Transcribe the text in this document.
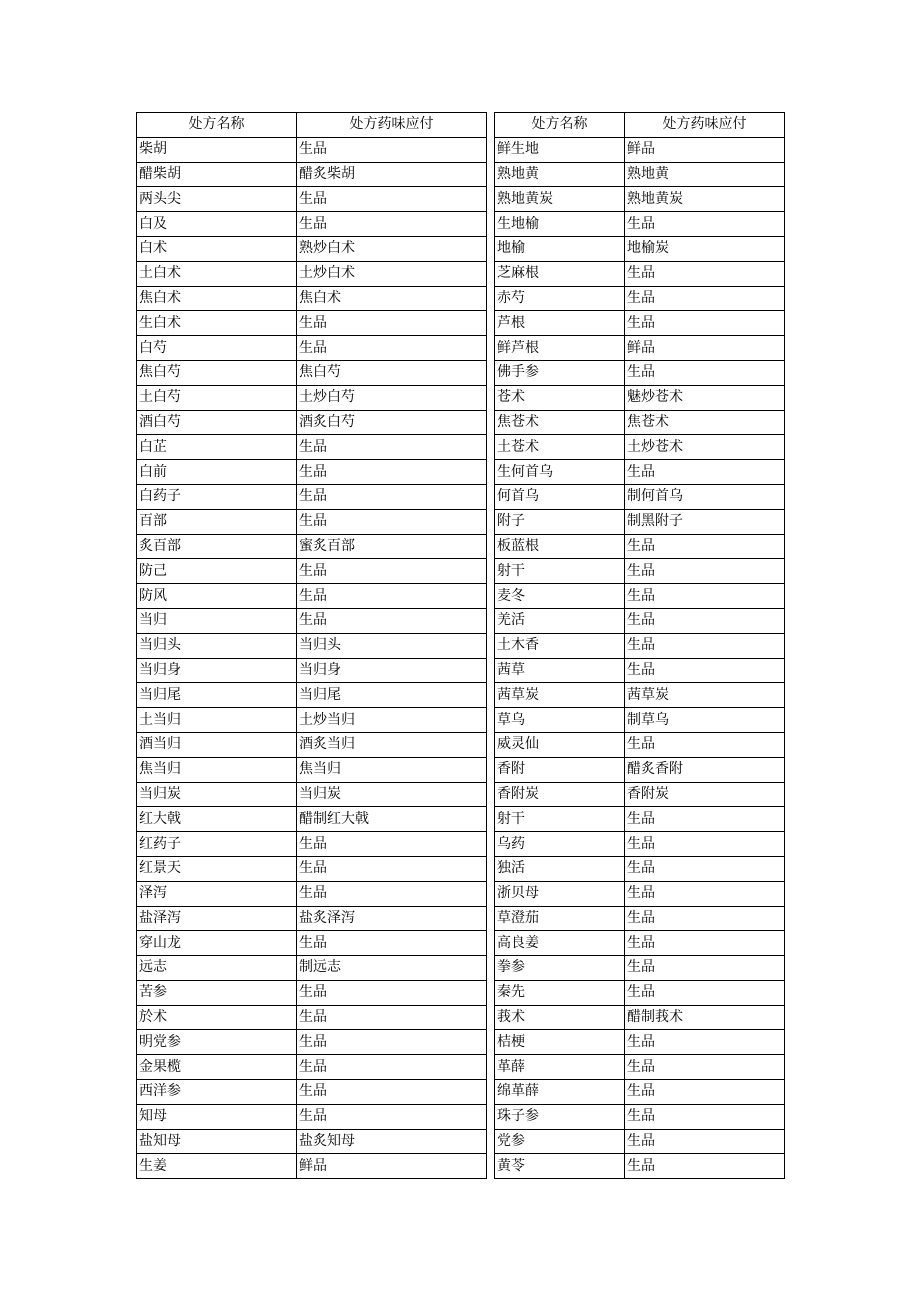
处方名称	处方药味应付
柴胡	生品
醋柴胡	醋炙柴胡
两头尖	生品
白及	生品
白术	熟炒白术
土白术	土炒白术
焦白术	焦白术
生白术	生品
白芍	生品
焦白芍	焦白芍
土白芍	土炒白芍
酒白芍	酒炙白芍
白芷	生品
白前	生品
白药子	生品
百部	生品
炙百部	蜜炙百部
防己	生品
防风	生品
当归	生品
当归头	当归头
当归身	当归身
当归尾	当归尾
土当归	土炒当归
酒当归	酒炙当归
焦当归	焦当归
当归炭	当归炭
红大戟	醋制红大戟
红药子	生品
红景天	生品
泽泻	生品
盐泽泻	盐炙泽泻
穿山龙	生品
远志	制远志
苦参	生品
於术	生品
明党参	生品
金果榄	生品
西洋参	生品
知母	生品
盐知母	盐炙知母
生姜	鲜品
处方名称	处方药味应付
鲜生地	鲜品
熟地黄	熟地黄
熟地黄炭	熟地黄炭
生地榆	生品
地榆	地榆炭
芝麻根	生品
赤芍	生品
芦根	生品
鲜芦根	鲜品
佛手参	生品
苍术	魅炒苍术
焦苍术	焦苍术
土苍术	土炒苍术
生何首乌	生品
何首乌	制何首乌
附子	制黑附子
板蓝根	生品
射干	生品
麦冬	生品
羌活	生品
土木香	生品
茜草	生品
茜草炭	茜草炭
草乌	制草乌
威灵仙	生品
香附	醋炙香附
香附炭	香附炭
射干	生品
乌药	生品
独活	生品
浙贝母	生品
草澄茄	生品
高良姜	生品
拳参	生品
秦先	生品
莪术	醋制莪术
桔梗	生品
革薛	生品
绵革薛	生品
珠子参	生品
党参	生品
黄苓	生品
